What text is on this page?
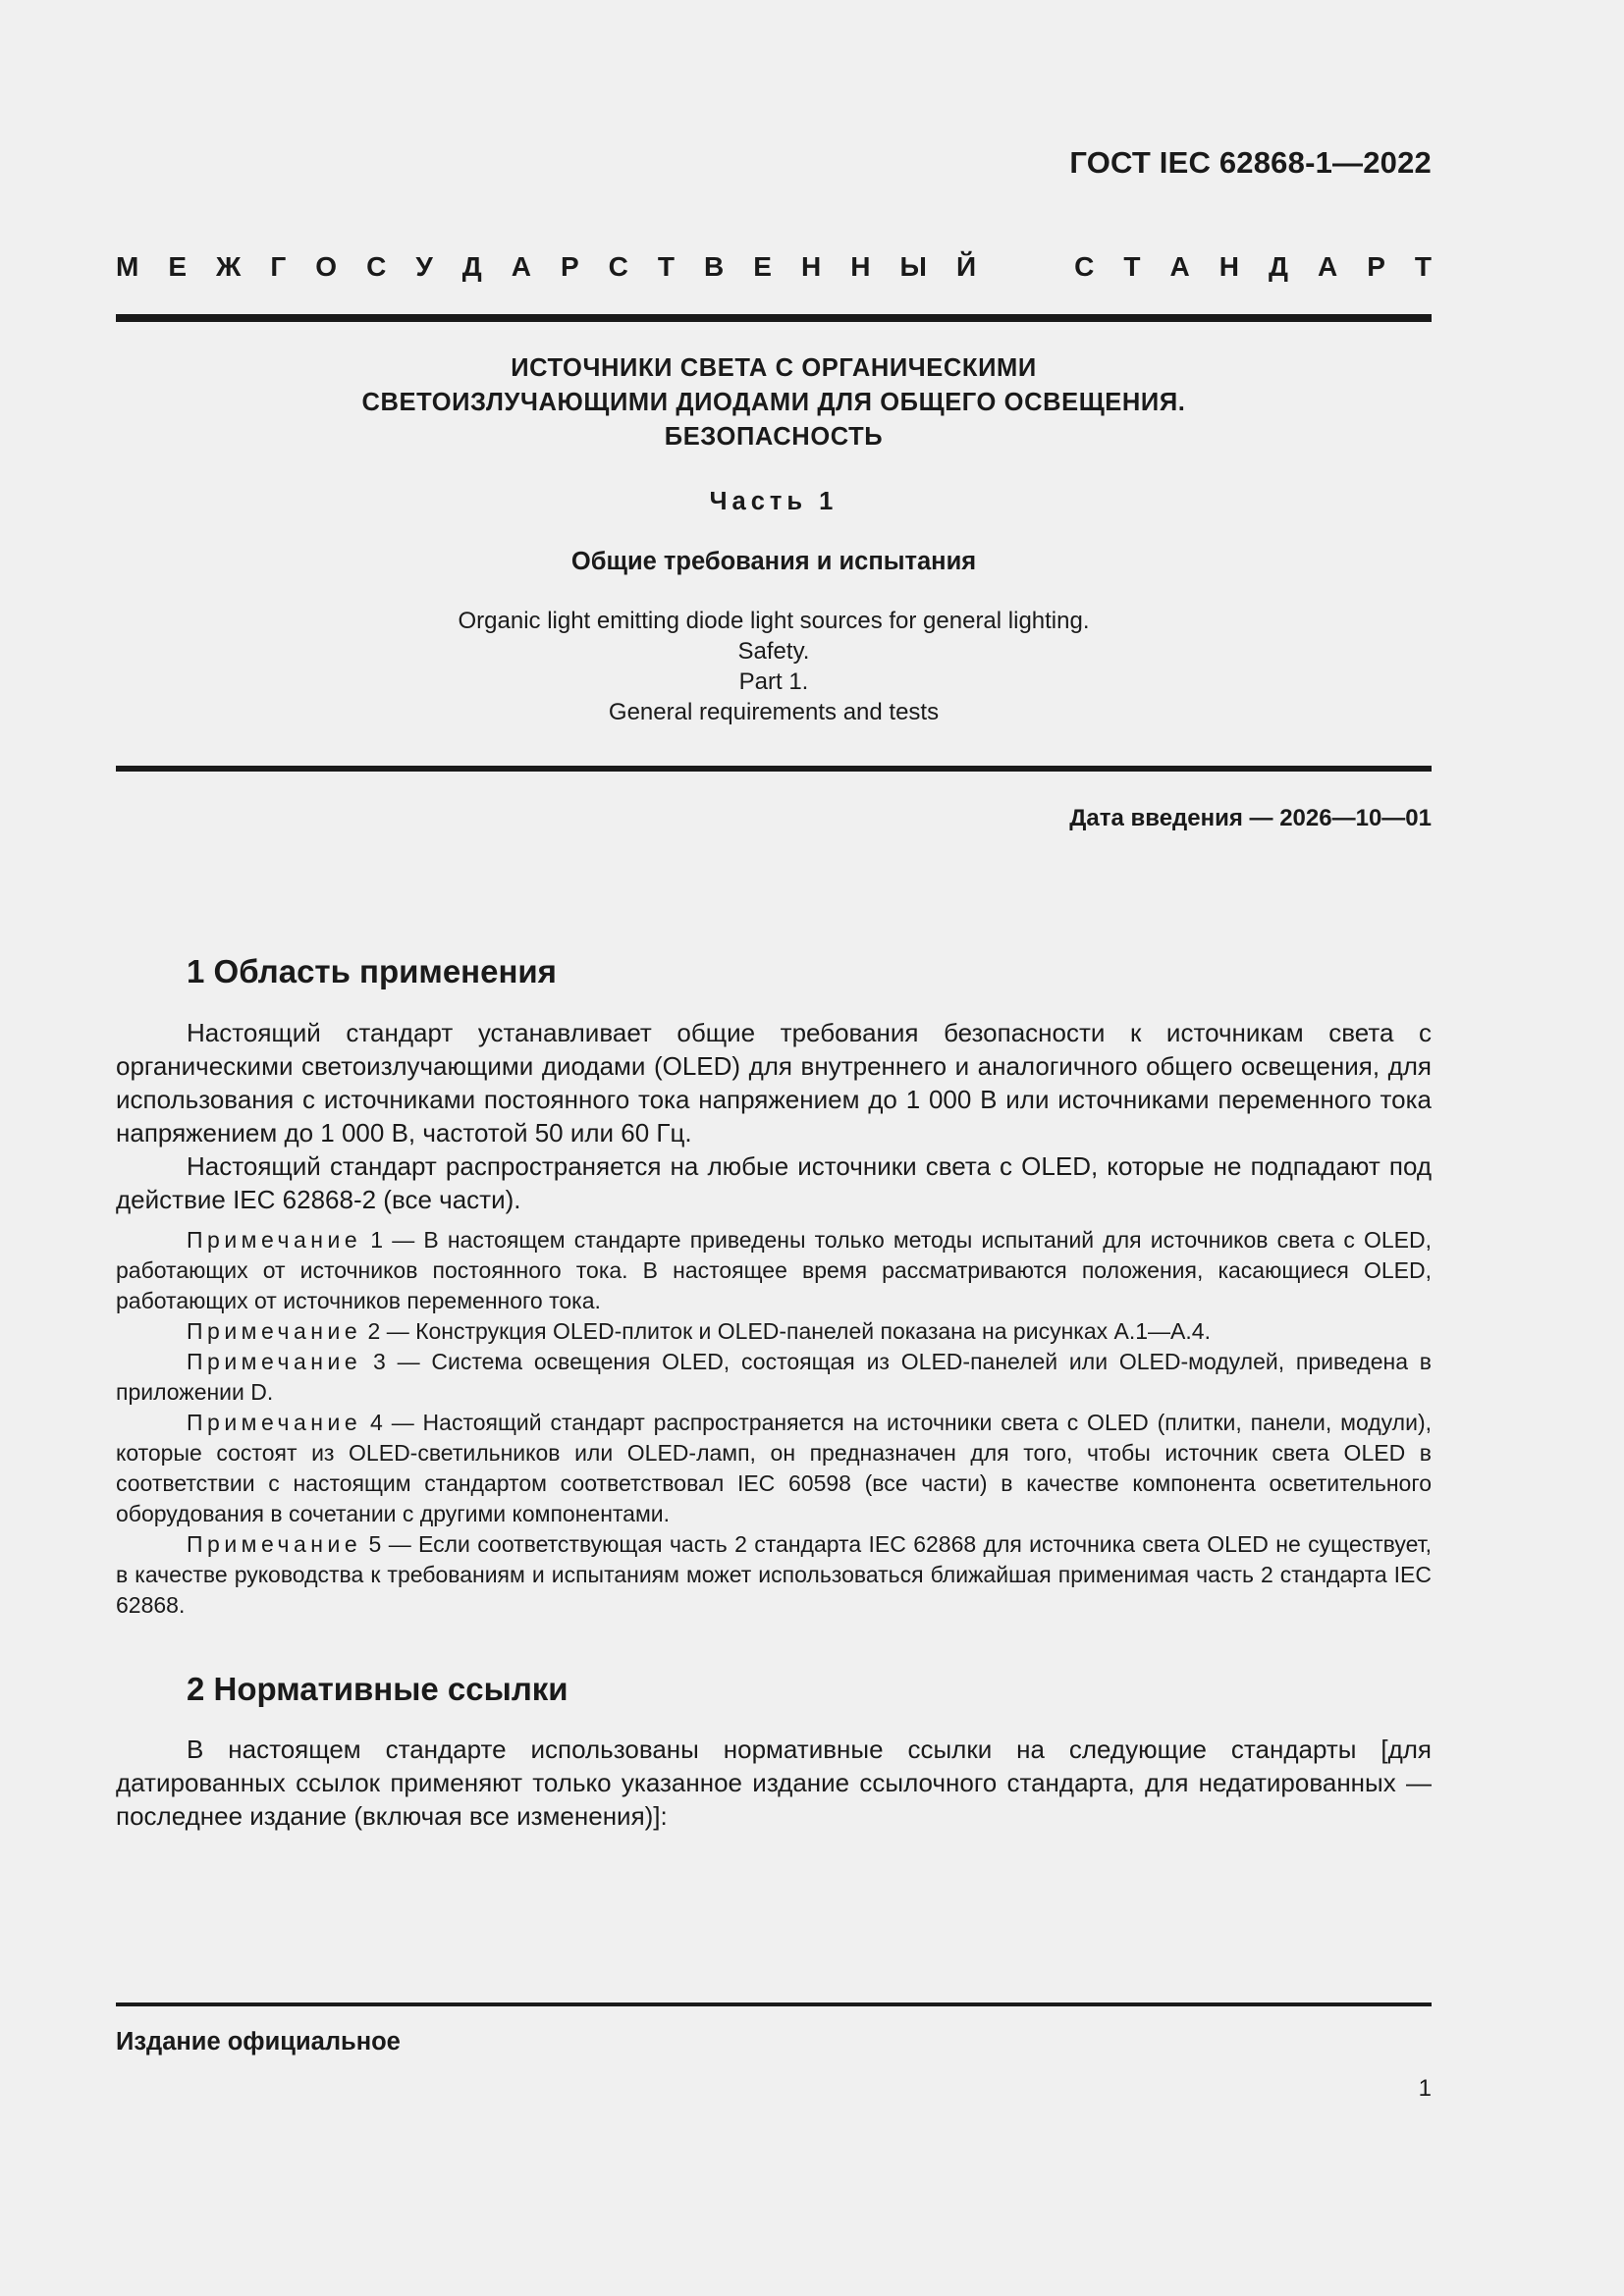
ГОСТ IEC 62868-1—2022
М Е Ж Г О С У Д А Р С Т В Е Н Н Ы Й	С Т А Н Д А Р Т
ИСТОЧНИКИ СВЕТА С ОРГАНИЧЕСКИМИ
СВЕТОИЗЛУЧАЮЩИМИ ДИОДАМИ ДЛЯ ОБЩЕГО ОСВЕЩЕНИЯ.
БЕЗОПАСНОСТЬ
Часть 1
Общие требования и испытания
Organic light emitting diode light sources for general lighting.
Safety.
Part 1.
General requirements and tests
Дата введения — 2026—10—01
1 Область применения

Настоящий стандарт устанавливает общие требования безопасности к источникам света с органическими светоизлучающими диодами (OLED) для внутреннего и аналогичного общего освещения, для использования с источниками постоянного тока напряжением до 1 000 В или источниками переменного тока напряжением до 1 000 В, частотой 50 или 60 Гц.

Настоящий стандарт распространяется на любые источники света с OLED, которые не подпадают под действие IEC 62868-2 (все части).

Примечание 1 — В настоящем стандарте приведены только методы испытаний для источников света с OLED, работающих от источников постоянного тока. В настоящее время рассматриваются положения, касающиеся OLED, работающих от источников переменного тока.

Примечание 2 — Конструкция OLED-плиток и OLED-панелей показана на рисунках А.1—А.4.

Примечание 3 — Система освещения OLED, состоящая из OLED-панелей или OLED-модулей, приведена в приложении D.

Примечание 4 — Настоящий стандарт распространяется на источники света с OLED (плитки, панели, модули), которые состоят из OLED-светильников или OLED-ламп, он предназначен для того, чтобы источник света OLED в соответствии с настоящим стандартом соответствовал IEC 60598 (все части) в качестве компонента осветительного оборудования в сочетании с другими компонентами.

Примечание 5 — Если соответствующая часть 2 стандарта IEC 62868 для источника света OLED не существует, в качестве руководства к требованиям и испытаниям может использоваться ближайшая применимая часть 2 стандарта IEC 62868.

2 Нормативные ссылки

В настоящем стандарте использованы нормативные ссылки на следующие стандарты [для датированных ссылок применяют только указанное издание ссылочного стандарта, для недатированных — последнее издание (включая все изменения)]:

Издание официальное
1
